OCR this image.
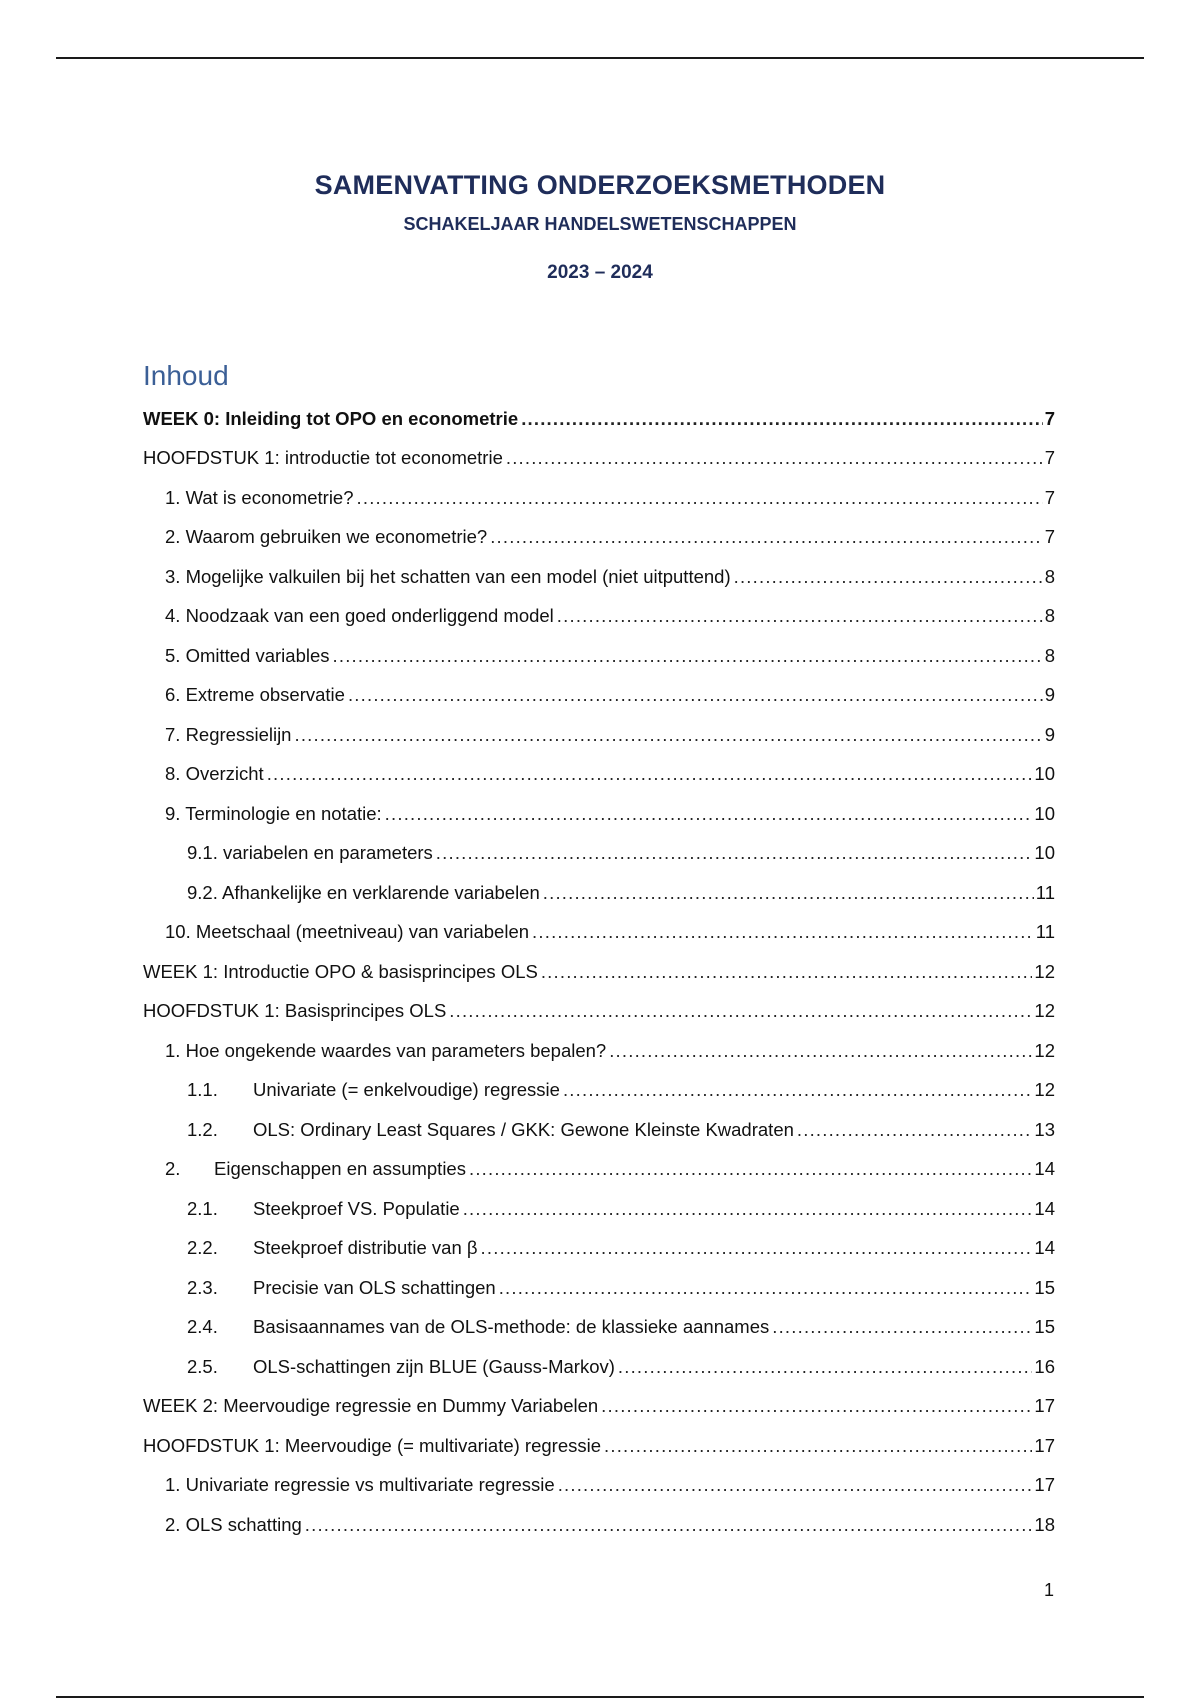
SAMENVATTING ONDERZOEKSMETHODEN
SCHAKELJAAR HANDELSWETENSCHAPPEN
2023 – 2024
Inhoud
WEEK 0: Inleiding tot OPO en econometrie .....	7
HOOFDSTUK 1: introductie tot econometrie .....	7
1. Wat is econometrie? .....	7
2. Waarom gebruiken we econometrie? .....	7
3. Mogelijke valkuilen bij het schatten van een model (niet uitputtend) .....	8
4. Noodzaak van een goed onderliggend model .....	8
5. Omitted variables .....	8
6. Extreme observatie .....	9
7. Regressielijn .....	9
8. Overzicht .....	10
9. Terminologie en notatie: .....	10
9.1. variabelen en parameters .....	10
9.2. Afhankelijke en verklarende variabelen .....	11
10. Meetschaal (meetniveau) van variabelen .....	11
WEEK 1: Introductie OPO & basisprincipes OLS .....	12
HOOFDSTUK 1: Basisprincipes OLS .....	12
1. Hoe ongekende waardes van parameters bepalen? .....	12
1.1.	Univariate (= enkelvoudige) regressie .....	12
1.2.	OLS: Ordinary Least Squares / GKK: Gewone Kleinste Kwadraten .....	13
2.	Eigenschappen en assumpties .....	14
2.1.	Steekproef VS. Populatie .....	14
2.2.	Steekproef distributie van β .....	14
2.3.	Precisie van OLS schattingen .....	15
2.4.	Basisaannames van de OLS-methode: de klassieke aannames .....	15
2.5.	OLS-schattingen zijn BLUE (Gauss-Markov) .....	16
WEEK 2: Meervoudige regressie en Dummy Variabelen .....	17
HOOFDSTUK 1: Meervoudige (= multivariate) regressie .....	17
1. Univariate regressie vs multivariate regressie .....	17
2. OLS schatting .....	18
1
